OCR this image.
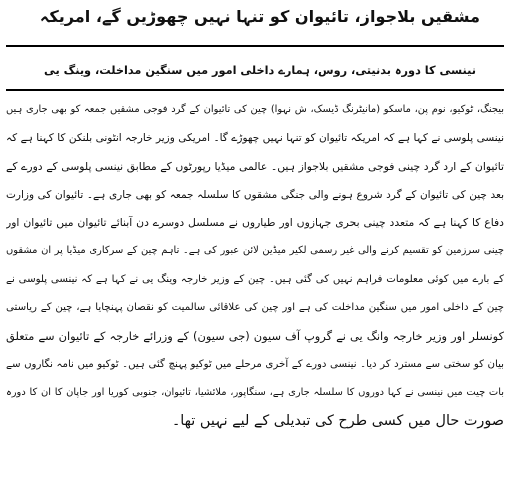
مشقیں بلاجواز، تائیوان کو تنہا نہیں چھوڑیں گے، امریکہ
نینسی کا دورہ بدنیتی، روس، ہمارے داخلی امور میں سنگین مداخلت، وینگ یی
بیجنگ، ٹوکیو، نوم پن، ماسکو (مانیٹرنگ ڈیسک، ش نہوا) چین کی تائیوان کے گرد فوجی مشقیں جمعہ کو بھی جاری ہیں
نینسی پلوسی نے کہا ہے کہ امریکہ تائیوان کو تنہا نہیں چھوڑے گا۔ امریکی وزیر خارجہ انٹونی بلنکن کا کہنا ہے کہ
تائیوان کے ارد گرد چینی فوجی مشقیں بلاجواز ہیں۔ عالمی میڈیا رپورٹوں کے مطابق نینسی پلوسی کے دورے کے
بعد چین کی تائیوان کے گرد شروع ہونے والی جنگی مشقوں کا سلسلہ جمعہ کو بھی جاری ہے۔ تائیوان کی وزارت
دفاع کا کہنا ہے کہ متعدد چینی بحری جہازوں اور طیاروں نے مسلسل دوسرے دن آبنائے تائیوان میں تائیوان اور
چینی سرزمین کو تقسیم کرنے والی غیر رسمی لکیر میڈین لائن عبور کی ہے۔ تاہم چین کے سرکاری میڈیا پر ان مشقوں
کے بارے میں کوئی معلومات فراہم نہیں کی گئی ہیں۔ چین کے وزیر خارجہ وینگ یی نے کہا ہے کہ نینسی پلوسی نے
چین کے داخلی امور میں سنگین مداخلت کی ہے اور چین کی علاقائی سالمیت کو نقصان پہنچایا ہے، چین کے ریاستی
کونسلر اور وزیر خارجہ وانگ یی نے گروپ آف سیون (جی سیون) کے وزرائے خارجہ کے تائیوان سے متعلق
بیان کو سختی سے مسترد کر دیا۔ نینسی دورے کے آخری مرحلے میں ٹوکیو پہنچ گئی ہیں۔ ٹوکیو میں نامہ نگاروں سے
بات چیت میں نینسی نے کہا دوروں کا سلسلہ جاری ہے، سنگاپور، ملائشیا، تائیوان، جنوبی کوریا اور جاپان کا ان کا دورہ
صورت حال میں کسی طرح کی تبدیلی کے لیے نہیں تھا۔
